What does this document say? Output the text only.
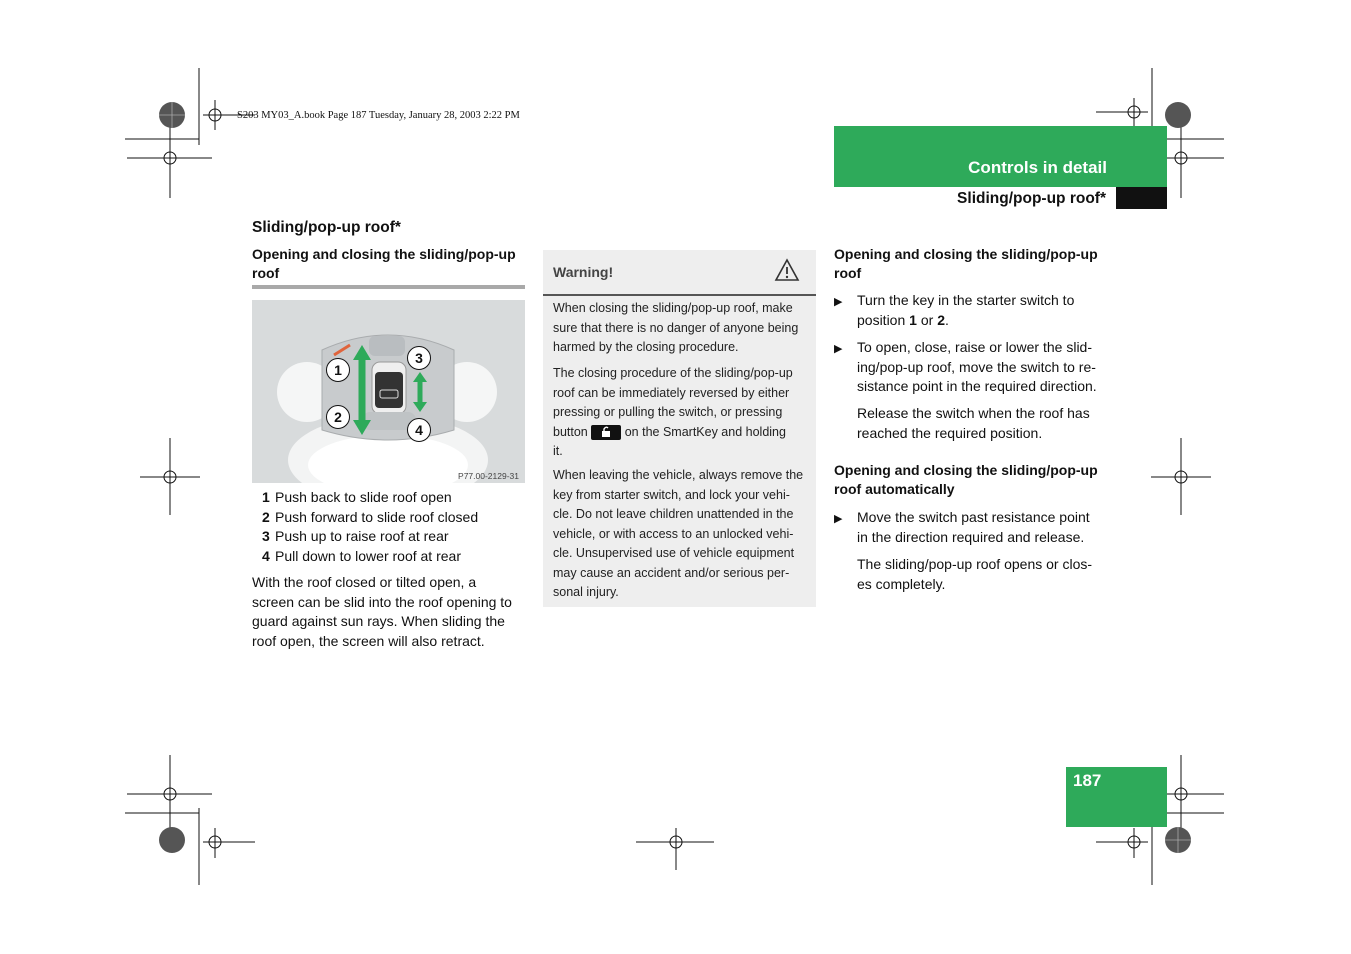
S203 MY03_A.book Page 187 Tuesday, January 28, 2003 2:22 PM
Controls in detail
Sliding/pop-up roof*
Sliding/pop-up roof*
Opening and closing the sliding/pop-up roof
1
2
3
4
P77.00-2129-31
1 Push back to slide roof open
2 Push forward to slide roof closed
3 Push up to raise roof at rear
4 Pull down to lower roof at rear
With the roof closed or tilted open, a
screen can be slid into the roof opening to
guard against sun rays. When sliding the
roof open, the screen will also retract.
Warning!
When closing the sliding/pop-up roof, make
sure that there is no danger of anyone being
harmed by the closing procedure.
The closing procedure of the sliding/pop-up
roof can be immediately reversed by either
pressing or pulling the switch, or pressing
button	on the SmartKey and holding
it.
When leaving the vehicle, always remove the
key from starter switch, and lock your vehi-
cle. Do not leave children unattended in the
vehicle, or with access to an unlocked vehi-
cle. Unsupervised use of vehicle equipment
may cause an accident and/or serious per-
sonal injury.
Opening and closing the sliding/pop-up
roof
▶ Turn the key in the starter switch to
position 1 or 2.
▶ To open, close, raise or lower the slid-
ing/pop-up roof, move the switch to re-
sistance point in the required direction.
Release the switch when the roof has
reached the required position.
Opening and closing the sliding/pop-up
roof automatically
▶ Move the switch past resistance point
in the direction required and release.
The sliding/pop-up roof opens or clos-
es completely.
187
